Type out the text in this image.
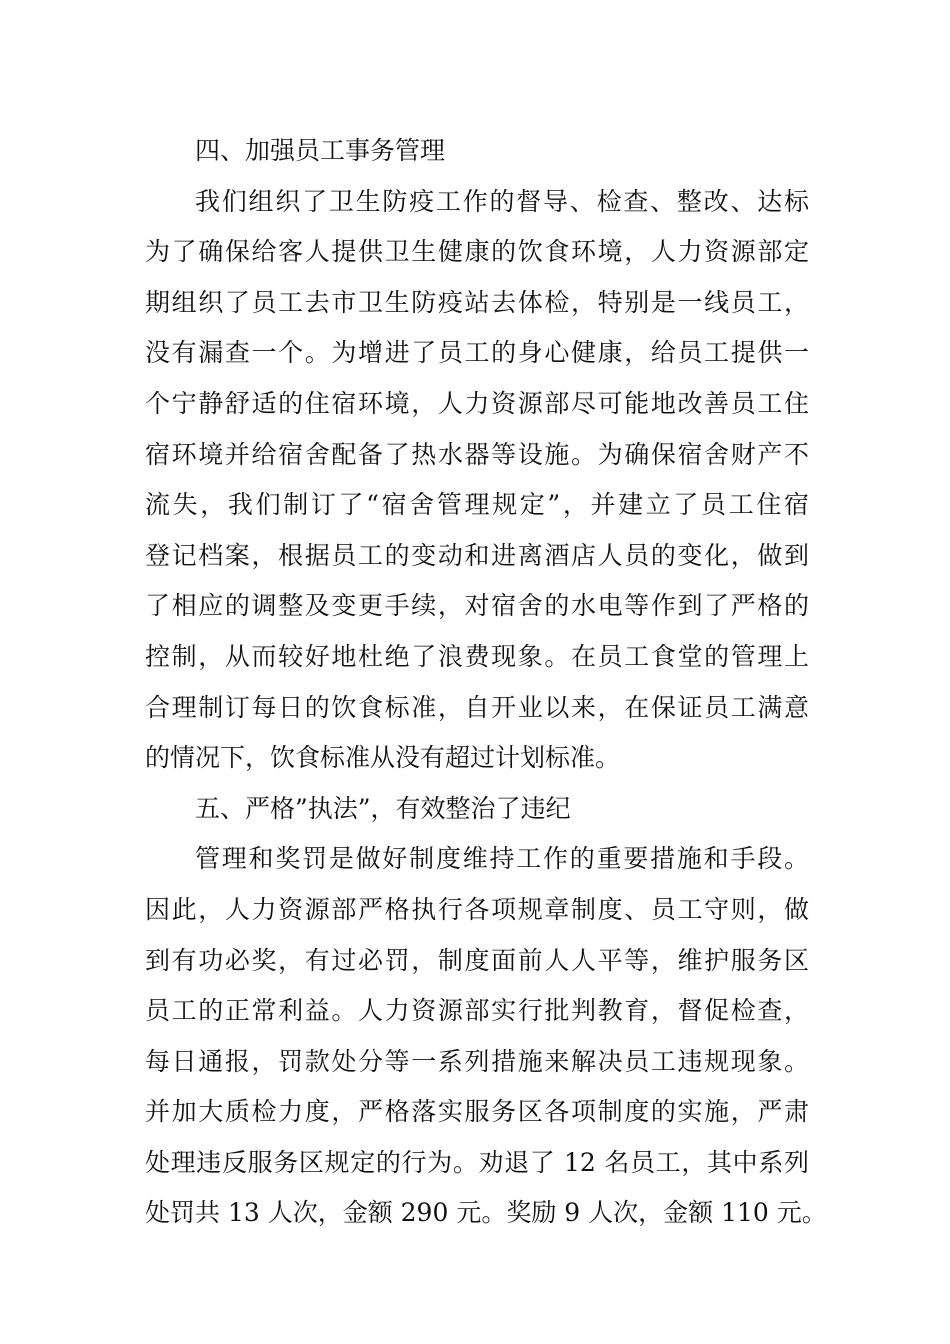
四、加强员工事务管理
我们组织了卫生防疫工作的督导、检查、整改、达标
为了确保给客人提供卫生健康的饮食环境，人力资源部定
期组织了员工去市卫生防疫站去体检，特别是一线员工，
没有漏查一个。为增进了员工的身心健康，给员工提供一
个宁静舒适的住宿环境，人力资源部尽可能地改善员工住
宿环境并给宿舍配备了热水器等设施。为确保宿舍财产不
流失，我们制订了“宿舍管理规定”，并建立了员工住宿
登记档案，根据员工的变动和进离酒店人员的变化，做到
了相应的调整及变更手续，对宿舍的水电等作到了严格的
控制，从而较好地杜绝了浪费现象。在员工食堂的管理上
合理制订每日的饮食标准，自开业以来，在保证员工满意
的情况下，饮食标准从没有超过计划标准。
五、严格”执法”，有效整治了违纪
管理和奖罚是做好制度维持工作的重要措施和手段。
因此，人力资源部严格执行各项规章制度、员工守则，做
到有功必奖，有过必罚，制度面前人人平等，维护服务区
员工的正常利益。人力资源部实行批判教育，督促检查，
每日通报，罚款处分等一系列措施来解决员工违规现象。
并加大质检力度，严格落实服务区各项制度的实施，严肃
处理违反服务区规定的行为。劝退了 12 名员工，其中系列
处罚共 13 人次，金额 290 元。奖励 9 人次，金额 110 元。
